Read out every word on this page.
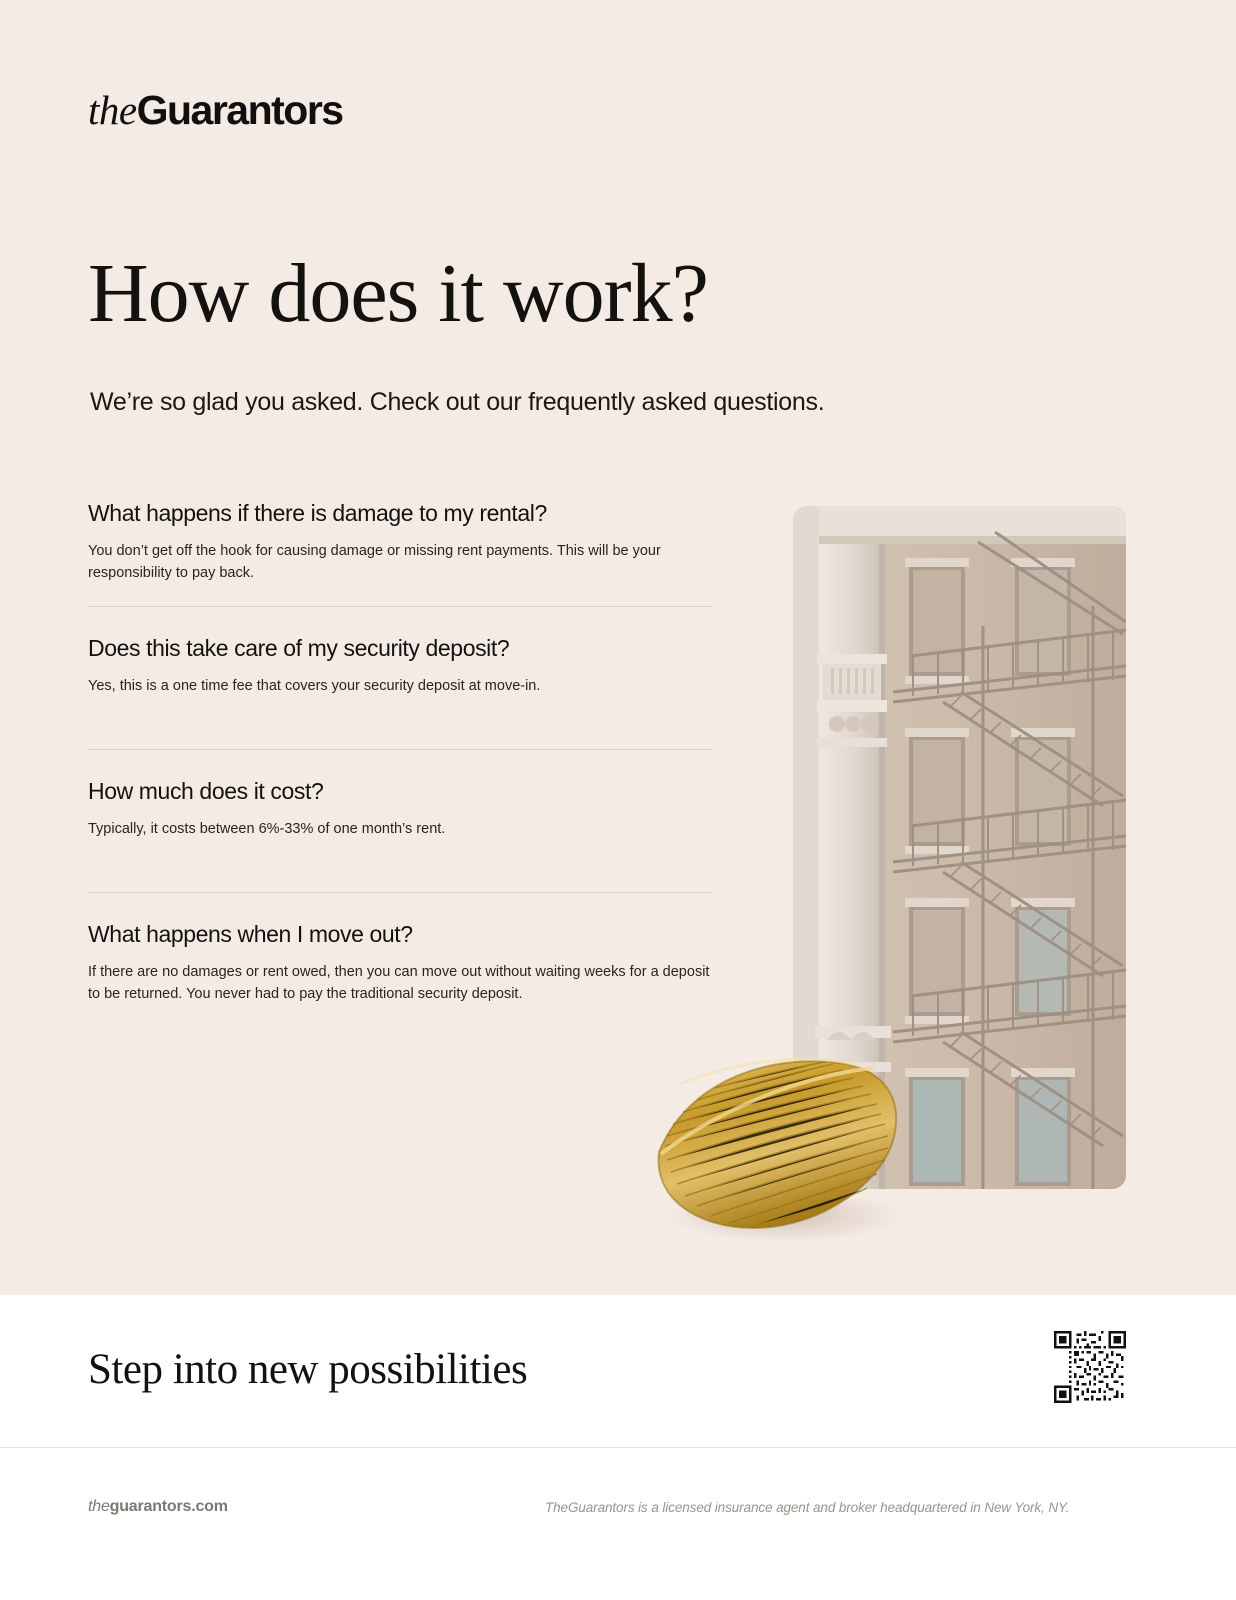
theGuarantors
How does it work?

We’re so glad you asked. Check out our frequently asked questions.

What happens if there is damage to my rental?

You don’t get off the hook for causing damage or missing rent payments. This will be your responsibility to pay back.

Does this take care of my security deposit?

Yes, this is a one time fee that covers your security deposit at move-in.

How much does it cost?

Typically, it costs between 6%-33% of one month’s rent.

What happens when I move out?

If there are no damages or rent owed, then you can move out without waiting weeks for a deposit to be returned. You never had to pay the traditional security deposit.

Step into new possibilities
theguarantors.com	TheGuarantors is a licensed insurance agent and broker headquartered in New York, NY.
